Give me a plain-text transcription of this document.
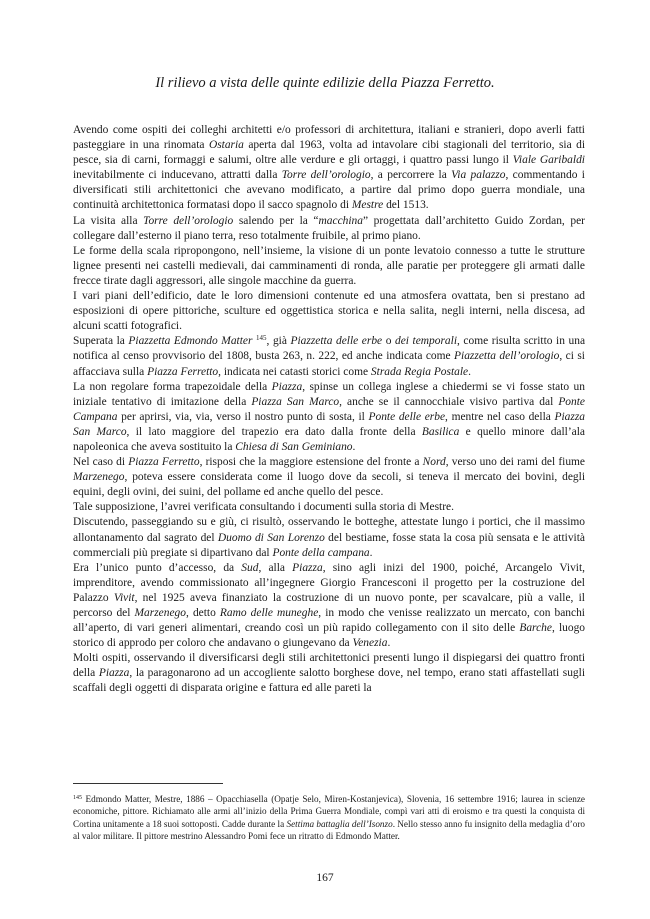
Il rilievo a vista delle quinte edilizie della Piazza Ferretto.

Avendo come ospiti dei colleghi architetti e/o professori di architettura, italiani e stranieri, dopo averli fatti pasteggiare in una rinomata Ostaria aperta dal 1963, volta ad intavolare cibi stagionali del territorio, sia di pesce, sia di carni, formaggi e salumi, oltre alle verdure e gli ortaggi, i quattro passi lungo il Viale Garibaldi inevitabilmente ci inducevano, attratti dalla Torre dell’orologio, a percorrere la Via palazzo, commentando i diversificati stili architettonici che avevano modificato, a partire dal primo dopo guerra mondiale, una continuità architettonica formatasi dopo il sacco spagnolo di Mestre del 1513.

La visita alla Torre dell’orologio salendo per la “macchina” progettata dall’architetto Guido Zordan, per collegare dall’esterno il piano terra, reso totalmente fruibile, al primo piano.

Le forme della scala ripropongono, nell’insieme, la visione di un ponte levatoio connesso a tutte le strutture lignee presenti nei castelli medievali, dai camminamenti di ronda, alle paratie per proteggere gli armati dalle frecce tirate dagli aggressori, alle singole macchine da guerra.

I vari piani dell’edificio, date le loro dimensioni contenute ed una atmosfera ovattata, ben si prestano ad esposizioni di opere pittoriche, sculture ed oggettistica storica e nella salita, negli interni, nella discesa, ad alcuni scatti fotografici.

Superata la Piazzetta Edmondo Matter $^{145}$, già Piazzetta delle erbe o dei temporali, come risulta scritto in una notifica al censo provvisorio del 1808, busta 263, n. 222, ed anche indicata come Piazzetta dell’orologio, ci si affacciava sulla Piazza Ferretto, indicata nei catasti storici come Strada Regia Postale.

La non regolare forma trapezoidale della Piazza, spinse un collega inglese a chiedermi se vi fosse stato un iniziale tentativo di imitazione della Piazza San Marco, anche se il cannocchiale visivo partiva dal Ponte Campana per aprirsi, via, via, verso il nostro punto di sosta, il Ponte delle erbe, mentre nel caso della Piazza San Marco, il lato maggiore del trapezio era dato dalla fronte della Basilica e quello minore dall’ala napoleonica che aveva sostituito la Chiesa di San Geminiano.

Nel caso di Piazza Ferretto, risposi che la maggiore estensione del fronte a Nord, verso uno dei rami del fiume Marzenego, poteva essere considerata come il luogo dove da secoli, si teneva il mercato dei bovini, degli equini, degli ovini, dei suini, del pollame ed anche quello del pesce.

Tale supposizione, l’avrei verificata consultando i documenti sulla storia di Mestre.

Discutendo, passeggiando su e giù, ci risultò, osservando le botteghe, attestate lungo i portici, che il massimo allontanamento dal sagrato del Duomo di San Lorenzo del bestiame, fosse stata la cosa più sensata e le attività commerciali più pregiate si dipartivano dal Ponte della campana.

Era l’unico punto d’accesso, da Sud, alla Piazza, sino agli inizi del 1900, poiché, Arcangelo Vivit, imprenditore, avendo commissionato all’ingegnere Giorgio Francesconi il progetto per la costruzione del Palazzo Vivit, nel 1925 aveva finanziato la costruzione di un nuovo ponte, per scavalcare, più a valle, il percorso del Marzenego, detto Ramo delle muneghe, in modo che venisse realizzato un mercato, con banchi all’aperto, di vari generi alimentari, creando così un più rapido collegamento con il sito delle Barche, luogo storico di approdo per coloro che andavano o giungevano da Venezia.

Molti ospiti, osservando il diversificarsi degli stili architettonici presenti lungo il dispiegarsi dei quattro fronti della Piazza, la paragonarono ad un accogliente salotto borghese dove, nel tempo, erano stati affastellati sugli scaffali degli oggetti di disparata origine e fattura ed alle pareti la

$^{145}$ Edmondo Matter, Mestre, 1886 – Opacchiasella (Opatje Selo, Miren-Kostanjevica), Slovenia, 16 settembre 1916; laurea in scienze economiche, pittore. Richiamato alle armi all’inizio della Prima Guerra Mondiale, compì vari atti di eroismo e tra questi la conquista di Cortina unitamente a 18 suoi sottoposti. Cadde durante la Settima battaglia dell’Isonzo. Nello stesso anno fu insignito della medaglia d’oro al valor militare. Il pittore mestrino Alessandro Pomi fece un ritratto di Edmondo Matter.
167
